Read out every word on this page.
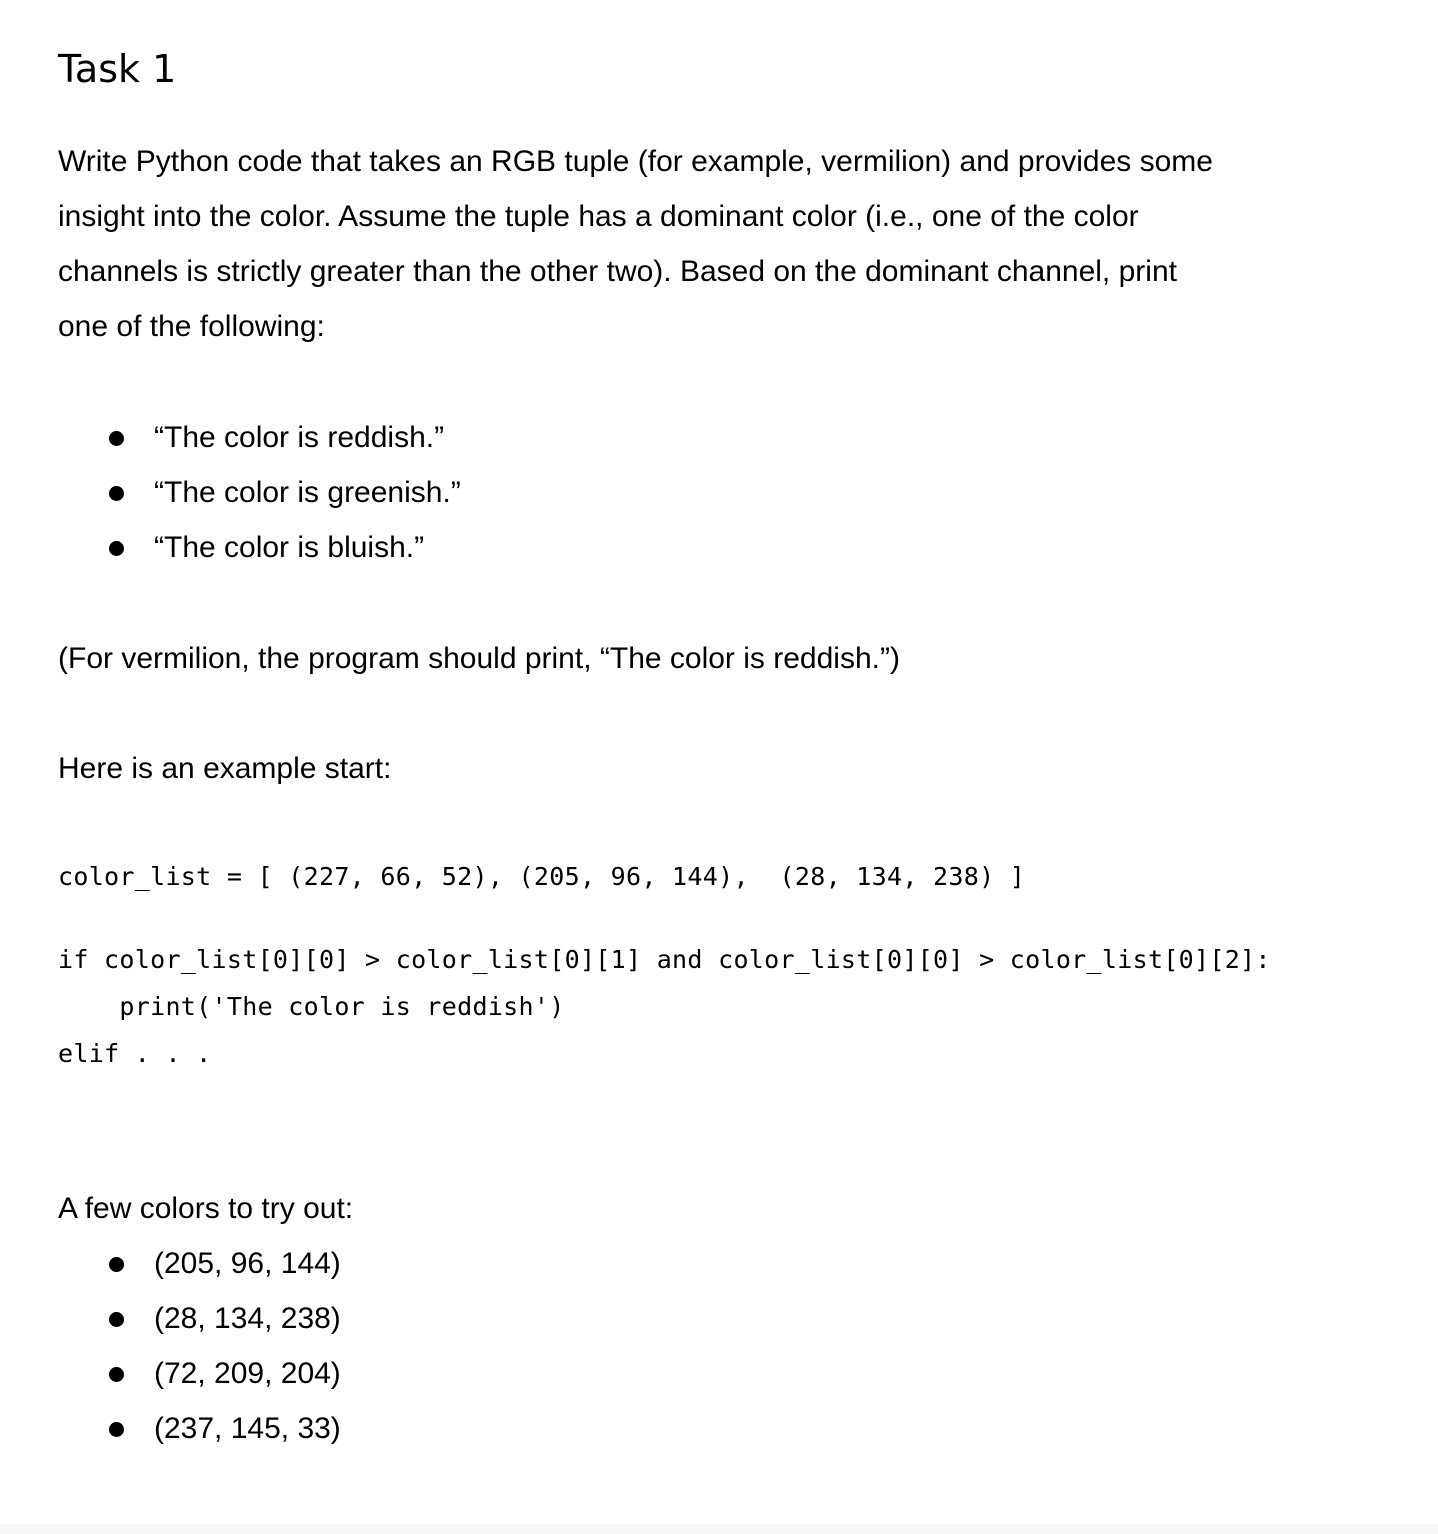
Task 1
Write Python code that takes an RGB tuple (for example, vermilion) and provides some
insight into the color. Assume the tuple has a dominant color (i.e., one of the color
channels is strictly greater than the other two). Based on the dominant channel, print
one of the following:
“The color is reddish.”
“The color is greenish.”
“The color is bluish.”

(For vermilion, the program should print, “The color is reddish.”)

Here is an example start:

color_list = [ (227, 66, 52), (205, 96, 144),  (28, 134, 238) ]
if color_list[0][0] > color_list[0][1] and color_list[0][0] > color_list[0][2]:
print('The color is reddish')
elif . . .

A few colors to try out:

(205, 96, 144)
(28, 134, 238)
(72, 209, 204)
(237, 145, 33)
